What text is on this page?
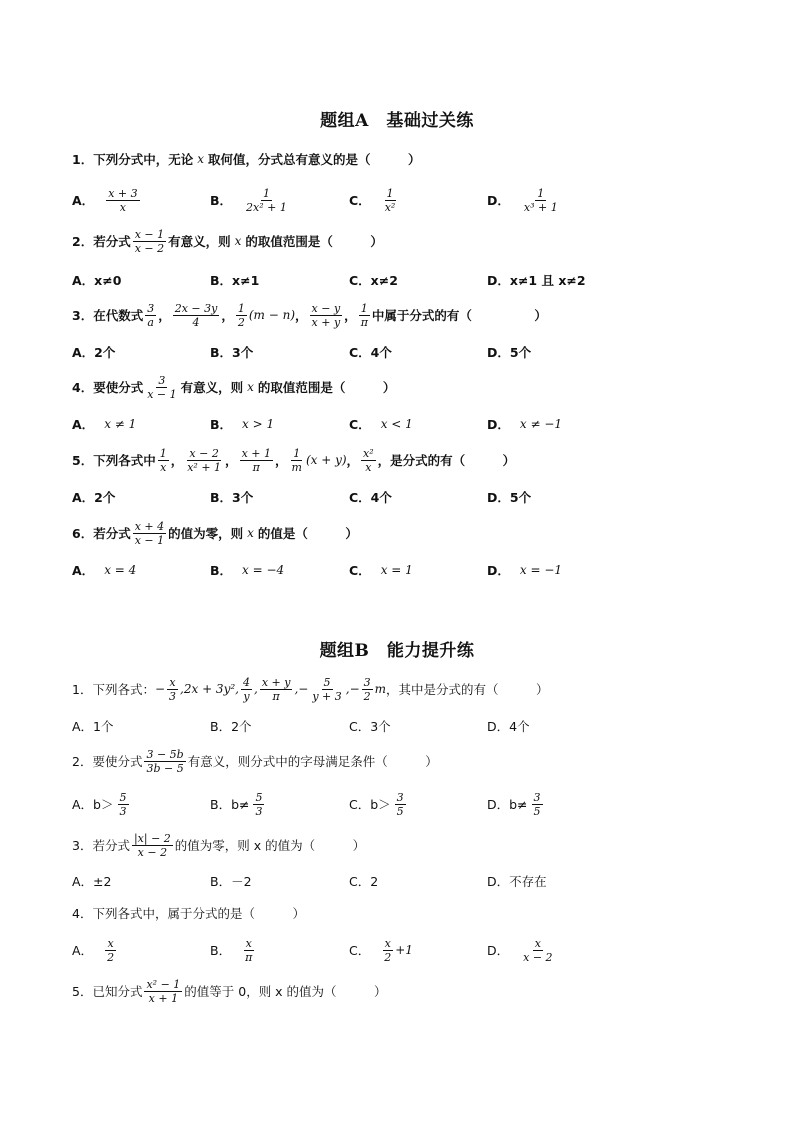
题组A　基础过关练
1．下列分式中，无论 x 取何值，分式总有意义的是（　　　）
A． $\frac{x + 3}{x}$	B． $\frac{1}{\text{2x² + 1}}$	C． $\frac{1}{\text{x²}}$	D． $\frac{1}{\text{x³ + 1}}$
2．若分式 $\frac{x - 1}{x - 2}$ 有意义，则 x 的取值范围是（　　　）
A．x≠0	B．x≠1	C．x≠2	D．x≠1 且 x≠2
3．在代数式 $\frac{3}{a}$ ， $\frac{2x - 3y}{4}$ ， $\frac{1}{2} (m - n)$ ， $\frac{x - y}{x + y}$ ， $\frac{1}{\pi}$ 中属于分式的有（　　　　　）
A．2个	B．3个	C．4个	D．5个
4．要使分式 $\frac{3}{x - 1}$ 有意义，则 x 的取值范围是（　　　）
A． x ≠ 1	B． x > 1	C． x < 1	D． x ≠ −1
5．下列各式中 $\frac{1}{x}$ ， $\frac{x - 2}{\text{x² + 1}}$ ， $\frac{x + 1}{\pi}$ ， $\frac{1}{m} (x + y)$ ， $\frac{\text{x²}}{x}$ ，是分式的有（　　　）
A．2个	B．3个	C．4个	D．5个
6．若分式 $\frac{x + 4}{x - 1}$ 的值为零，则 x 的值是（　　　）
A． x = 4	B． x = −4	C． x = 1	D． x = −1
题组B　能力提升练
1．下列各式： − $\frac{x}{3} ,2x + 3y^2$, $\frac{4}{y}$ , $\frac{x + y}{\pi}$ ,− $\frac{5}{y + 3}$ ,− $\frac{3}{2}$ m ，其中是分式的有（　　　）
A．1个	B．2个	C．3个	D．4个
2．要使分式 $\frac{3 - 5b}{3b - 5}$ 有意义，则分式中的字母满足条件（　　　）
A．$b> \frac{5}{3}$	B．$b\ne \frac{5}{3}$	C．$b> \frac{3}{5}$	D．$b\ne \frac{3}{5}$
3．若分式 $\frac{|x| - 2}{x - 2}$ 的值为零，则 x 的值为（　　　）
A．±2	B．－2	C．2	D．不存在
4．下列各式中，属于分式的是（　　　）
A． $\frac{x}{2}$	B． $\frac{x}{\pi}$	C． $\frac{x}{2} +1$	D． $\frac{x}{x - 2}$
5．已知分式 $\frac{\text{x² − 1}}{x + 1}$ 的值等于 0，则 x 的值为（　　　）
